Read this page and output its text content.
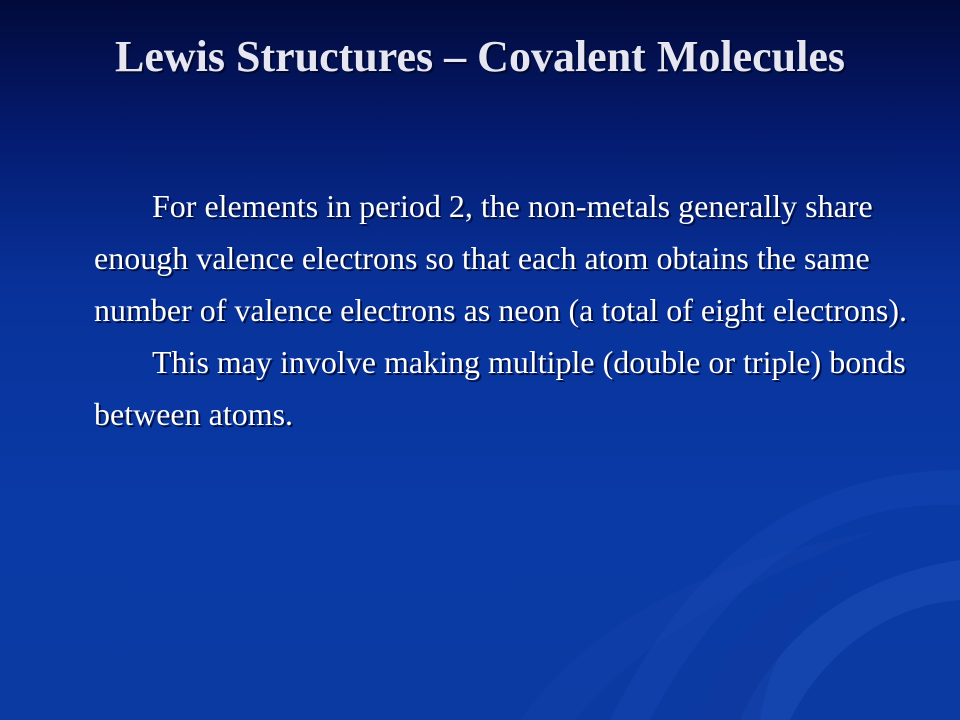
Lewis Structures – Covalent Molecules

For elements in period 2, the non-metals generally share enough valence electrons so that each atom obtains the same number of valence electrons as neon (a total of eight electrons).

This may involve making multiple (double or triple) bonds between atoms.
